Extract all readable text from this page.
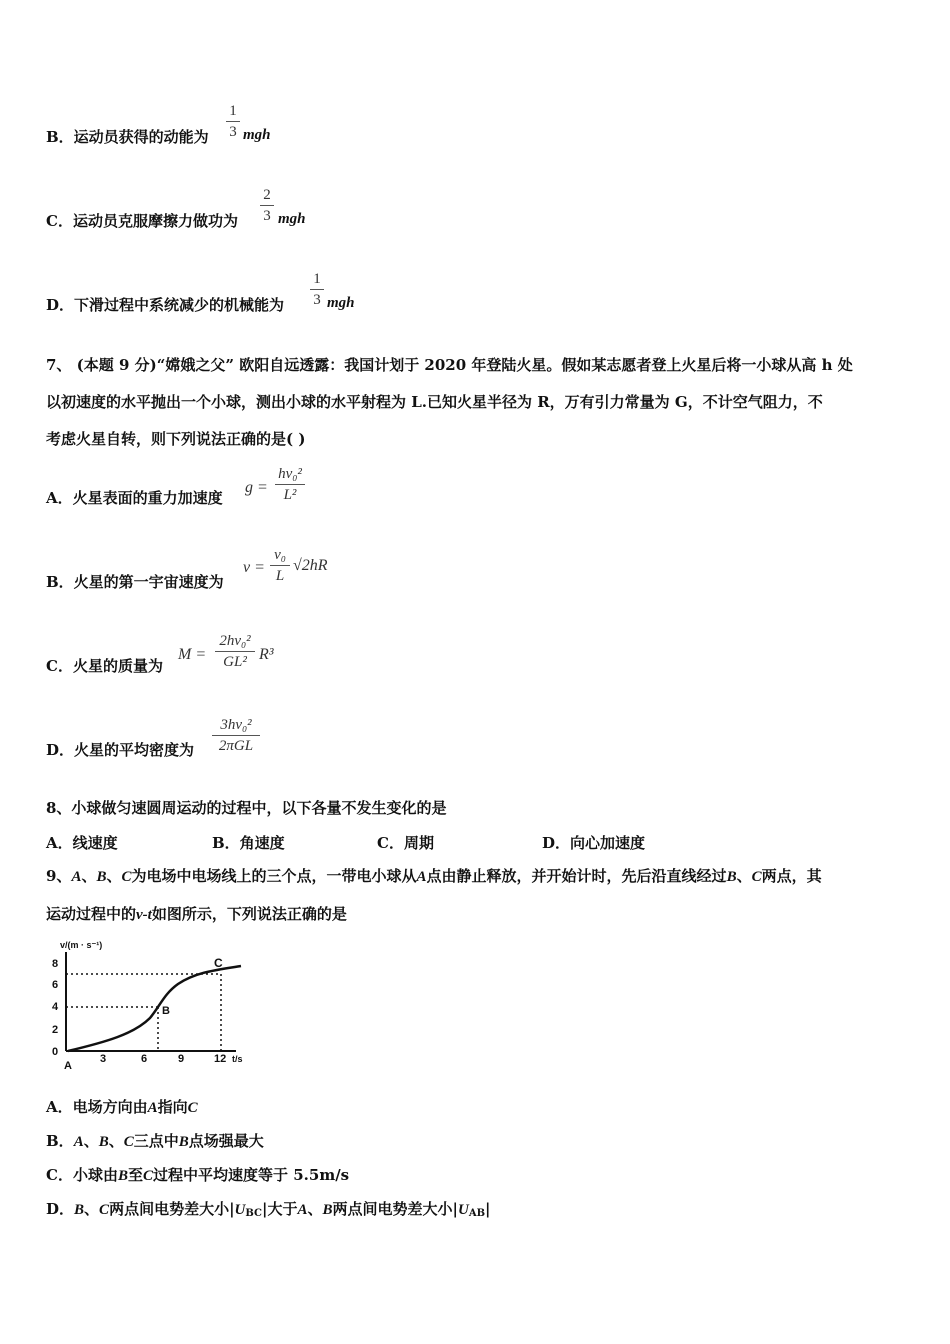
B．运动员获得的动能为
1
3 mgh
C．运动员克服摩擦力做功为
2
3 mgh
D．下滑过程中系统减少的机械能为
1
3 mgh
7、 (本题 9 分)“嫦娥之父” 欧阳自远透露：我国计划于 2020 年登陆火星。假如某志愿者登上火星后将一小球从高 h 处
以初速度的水平抛出一个小球，测出小球的水平射程为 L.已知火星半径为 R，万有引力常量为 G，不计空气阻力，不
考虑火星自转，则下列说法正确的是( )
A．火星表面的重力加速度
g =
hv₀²
L²
B．火星的第一宇宙速度为
v =
v₀
L
√2hR
C．火星的质量为
M =
2hv₀²
GL² R³
D．火星的平均密度为
3hv₀²
2πGL
8、小球做匀速圆周运动的过程中，以下各量不发生变化的是
A．线速度	B．角速度	C．周期	D．向心加速度
9、A、B、C为电场中电场线上的三个点，一带电小球从A点由静止释放，并开始计时，先后沿直线经过B、C两点，其
运动过程中的v-t如图所示，下列说法正确的是
v/(m · s⁻¹)
8
6
4
2
0
3	6	9	12 t/s
A
B
C
A．电场方向由A指向C
B．A、B、C三点中B点场强最大
C．小球由B至C过程中平均速度等于 5.5m/s
D．B、C两点间电势差大小$|U_{BC}|$大于A、B两点间电势差大小$|U_{AB}|$
